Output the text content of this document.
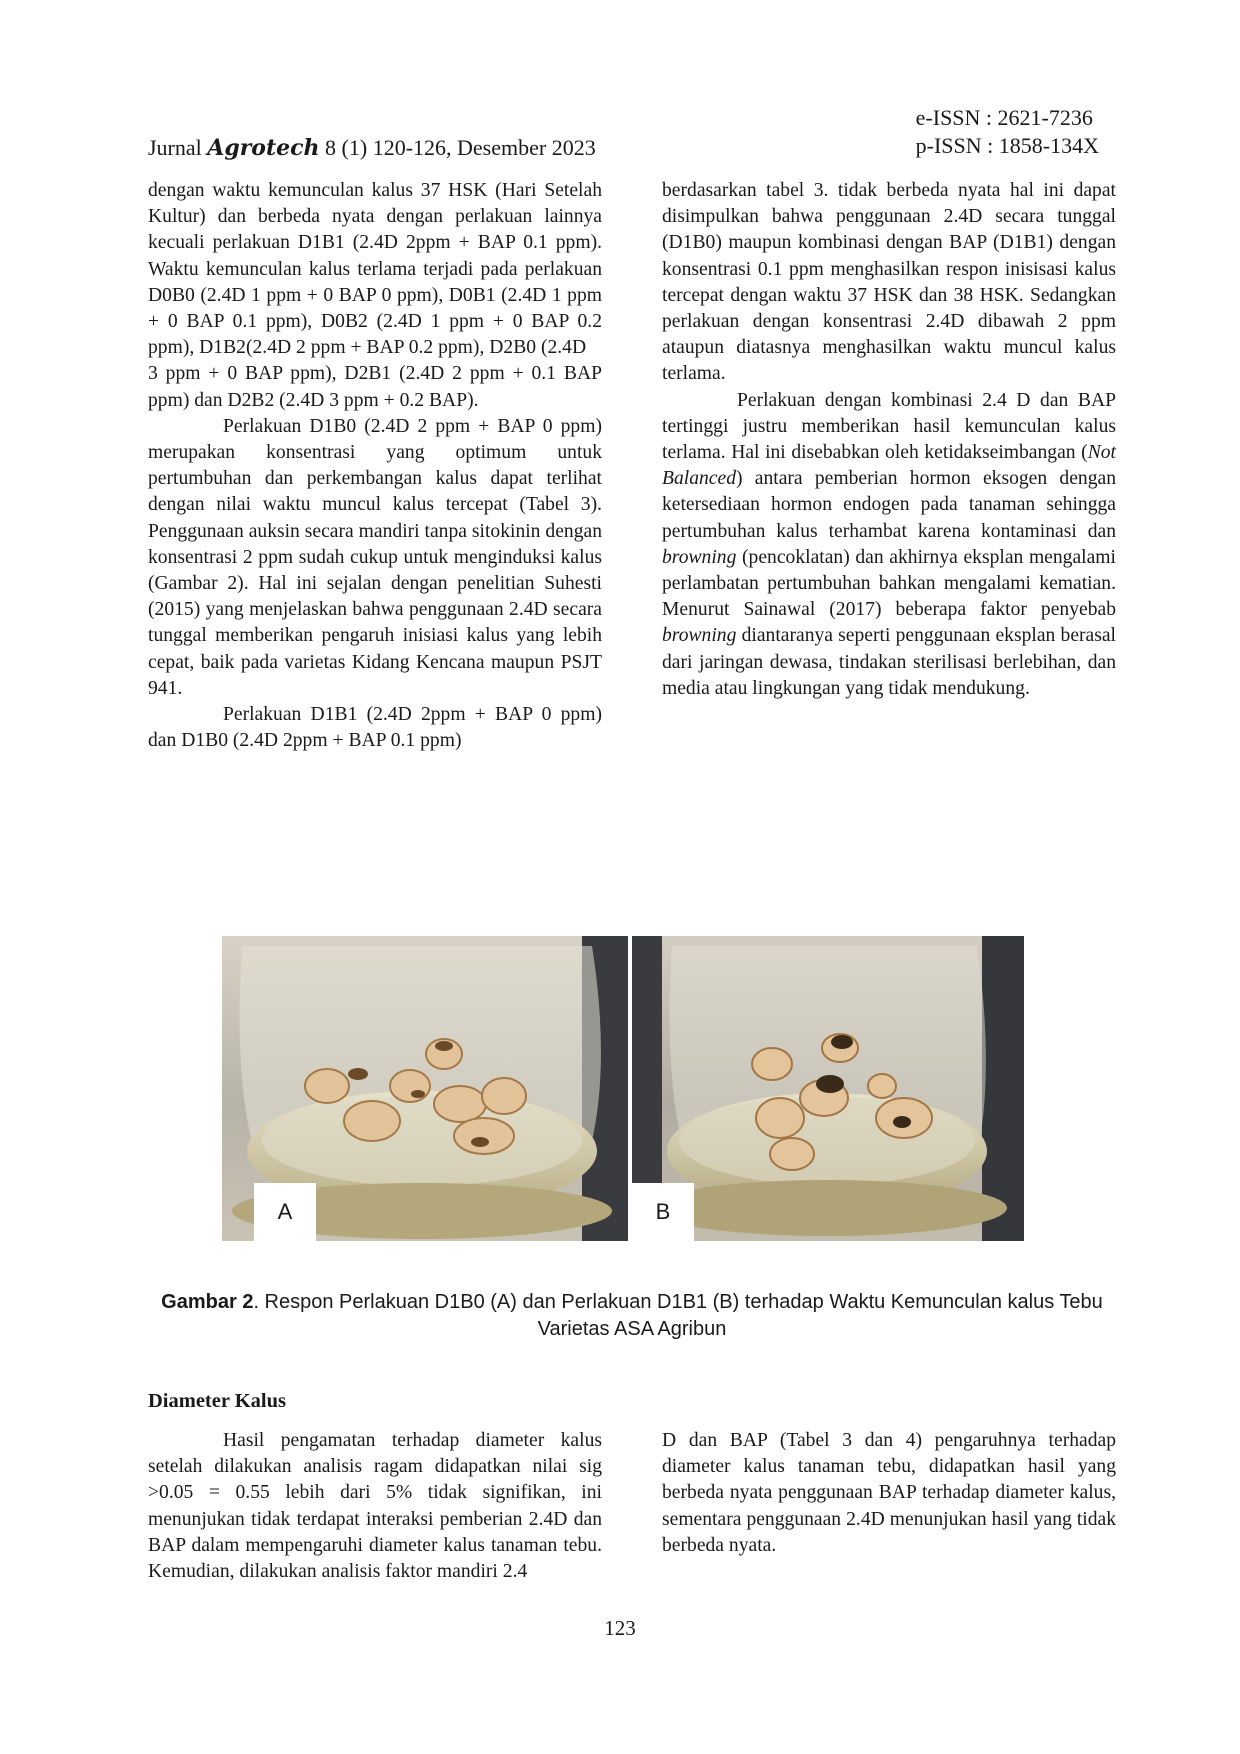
e-ISSN : 2621-7236
p-ISSN : 1858-134X
Jurnal Agrotech 8 (1) 120-126, Desember 2023

dengan waktu kemunculan kalus 37 HSK (Hari Setelah Kultur) dan berbeda nyata dengan perlakuan lainnya kecuali perlakuan D1B1 (2.4D 2ppm + BAP 0.1 ppm). Waktu kemunculan kalus terlama terjadi pada perlakuan D0B0 (2.4D 1 ppm + 0 BAP 0 ppm), D0B1 (2.4D 1 ppm + 0 BAP 0.1 ppm), D0B2 (2.4D 1 ppm + 0 BAP 0.2 ppm), D1B2(2.4D 2 ppm + BAP 0.2 ppm), D2B0 (2.4D

3 ppm + 0 BAP ppm), D2B1 (2.4D 2 ppm + 0.1 BAP ppm) dan D2B2 (2.4D 3 ppm + 0.2 BAP).

Perlakuan D1B0 (2.4D 2 ppm + BAP 0 ppm) merupakan konsentrasi yang optimum untuk pertumbuhan dan perkembangan kalus dapat terlihat dengan nilai waktu muncul kalus tercepat (Tabel 3). Penggunaan auksin secara mandiri tanpa sitokinin dengan konsentrasi 2 ppm sudah cukup untuk menginduksi kalus (Gambar 2). Hal ini sejalan dengan penelitian Suhesti (2015) yang menjelaskan bahwa penggunaan 2.4D secara tunggal memberikan pengaruh inisiasi kalus yang lebih cepat, baik pada varietas Kidang Kencana maupun PSJT 941.

Perlakuan D1B1 (2.4D 2ppm + BAP 0 ppm) dan D1B0 (2.4D 2ppm + BAP 0.1 ppm)

berdasarkan tabel 3. tidak berbeda nyata hal ini dapat disimpulkan bahwa penggunaan 2.4D secara tunggal (D1B0) maupun kombinasi dengan BAP (D1B1) dengan konsentrasi 0.1 ppm menghasilkan respon inisisasi kalus tercepat dengan waktu 37 HSK dan 38 HSK. Sedangkan perlakuan dengan konsentrasi 2.4D dibawah 2 ppm ataupun diatasnya menghasilkan waktu muncul kalus terlama.

Perlakuan dengan kombinasi 2.4 D dan BAP tertinggi justru memberikan hasil kemunculan kalus terlama. Hal ini disebabkan oleh ketidakseimbangan (Not Balanced) antara pemberian hormon eksogen dengan ketersediaan hormon endogen pada tanaman sehingga pertumbuhan kalus terhambat karena kontaminasi dan browning (pencoklatan) dan akhirnya eksplan mengalami perlambatan pertumbuhan bahkan mengalami kematian. Menurut Sainawal (2017) beberapa faktor penyebab browning diantaranya seperti penggunaan eksplan berasal dari jaringan dewasa, tindakan sterilisasi berlebihan, dan media atau lingkungan yang tidak mendukung.

A	B
Gambar 2. Respon Perlakuan D1B0 (A) dan Perlakuan D1B1 (B) terhadap Waktu Kemunculan kalus Tebu Varietas ASA Agribun
Diameter Kalus

Hasil pengamatan terhadap diameter kalus setelah dilakukan analisis ragam didapatkan nilai sig >0.05 = 0.55 lebih dari 5% tidak signifikan, ini menunjukan tidak terdapat interaksi pemberian 2.4D dan BAP dalam mempengaruhi diameter kalus tanaman tebu. Kemudian, dilakukan analisis faktor mandiri 2.4

D dan BAP (Tabel 3 dan 4) pengaruhnya terhadap diameter kalus tanaman tebu, didapatkan hasil yang berbeda nyata penggunaan BAP terhadap diameter kalus, sementara penggunaan 2.4D menunjukan hasil yang tidak berbeda nyata.

123
